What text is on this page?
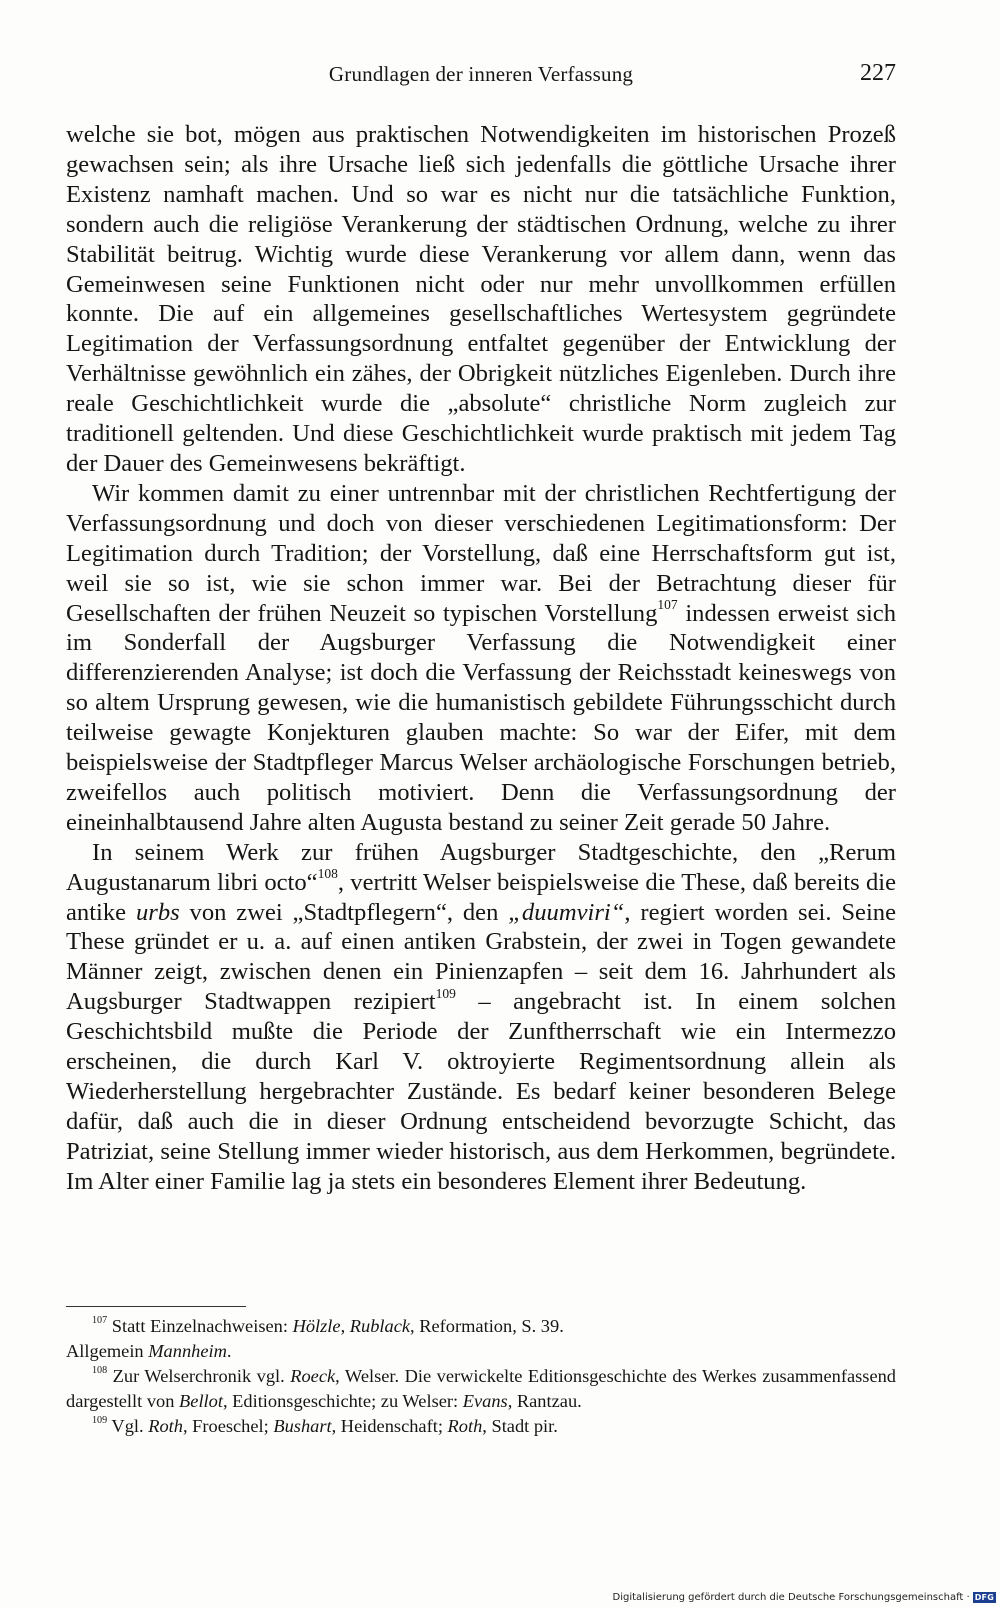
Grundlagen der inneren Verfassung	227

welche sie bot, mögen aus praktischen Notwendigkeiten im historischen Prozeß gewachsen sein; als ihre Ursache ließ sich jedenfalls die göttliche Ursache ihrer Existenz namhaft machen. Und so war es nicht nur die tatsächliche Funktion, sondern auch die religiöse Verankerung der städtischen Ordnung, welche zu ihrer Stabilität beitrug. Wichtig wurde diese Verankerung vor allem dann, wenn das Gemeinwesen seine Funktionen nicht oder nur mehr unvollkommen erfüllen konnte. Die auf ein allgemeines gesellschaftliches Wertesystem gegründete Legitimation der Verfassungsordnung entfaltet gegenüber der Entwicklung der Verhältnisse gewöhnlich ein zähes, der Obrigkeit nützliches Eigenleben. Durch ihre reale Geschichtlichkeit wurde die „absolute“ christliche Norm zugleich zur traditionell geltenden. Und diese Geschichtlichkeit wurde praktisch mit jedem Tag der Dauer des Gemeinwesens bekräftigt.

Wir kommen damit zu einer untrennbar mit der christlichen Rechtfertigung der Verfassungsordnung und doch von dieser verschiedenen Legitimationsform: Der Legitimation durch Tradition; der Vorstellung, daß eine Herrschaftsform gut ist, weil sie so ist, wie sie schon immer war. Bei der Betrachtung dieser für Gesellschaften der frühen Neuzeit so typischen Vorstellung$^{107}$ indessen erweist sich im Sonderfall der Augsburger Verfassung die Notwendigkeit einer differenzierenden Analyse; ist doch die Verfassung der Reichsstadt keineswegs von so altem Ursprung gewesen, wie die humanistisch gebildete Führungsschicht durch teilweise gewagte Konjekturen glauben machte: So war der Eifer, mit dem beispielsweise der Stadtpfleger Marcus Welser archäologische Forschungen betrieb, zweifellos auch politisch motiviert. Denn die Verfassungsordnung der eineinhalbtausend Jahre alten Augusta bestand zu seiner Zeit gerade 50 Jahre.

In seinem Werk zur frühen Augsburger Stadtgeschichte, den „Rerum Augustanarum libri octo“$^{108}$, vertritt Welser beispielsweise die These, daß bereits die antike urbs von zwei „Stadtpflegern“, den „duumviri“, regiert worden sei. Seine These gründet er u. a. auf einen antiken Grabstein, der zwei in Togen gewandete Männer zeigt, zwischen denen ein Pinienzapfen – seit dem 16. Jahrhundert als Augsburger Stadtwappen rezipiert$^{109}$ – angebracht ist. In einem solchen Geschichtsbild mußte die Periode der Zunftherrschaft wie ein Intermezzo erscheinen, die durch Karl V. oktroyierte Regimentsordnung allein als Wiederherstellung hergebrachter Zustände. Es bedarf keiner besonderen Belege dafür, daß auch die in dieser Ordnung entscheidend bevorzugte Schicht, das Patriziat, seine Stellung immer wieder historisch, aus dem Herkommen, begründete. Im Alter einer Familie lag ja stets ein besonderes Element ihrer Bedeutung.

$^{107}$ Statt Einzelnachweisen: Hölzle, Rublack, Reformation, S. 39.

Allgemein Mannheim.

$^{108}$ Zur Welserchronik vgl. Roeck, Welser. Die verwickelte Editionsgeschichte des Werkes zusammenfassend dargestellt von Bellot, Editionsgeschichte; zu Welser: Evans, Rantzau.

$^{109}$ Vgl. Roth, Froeschel; Bushart, Heidenschaft; Roth, Stadt pir.

Digitalisierung gefördert durch die Deutsche Forschungsgemeinschaft · DFG
